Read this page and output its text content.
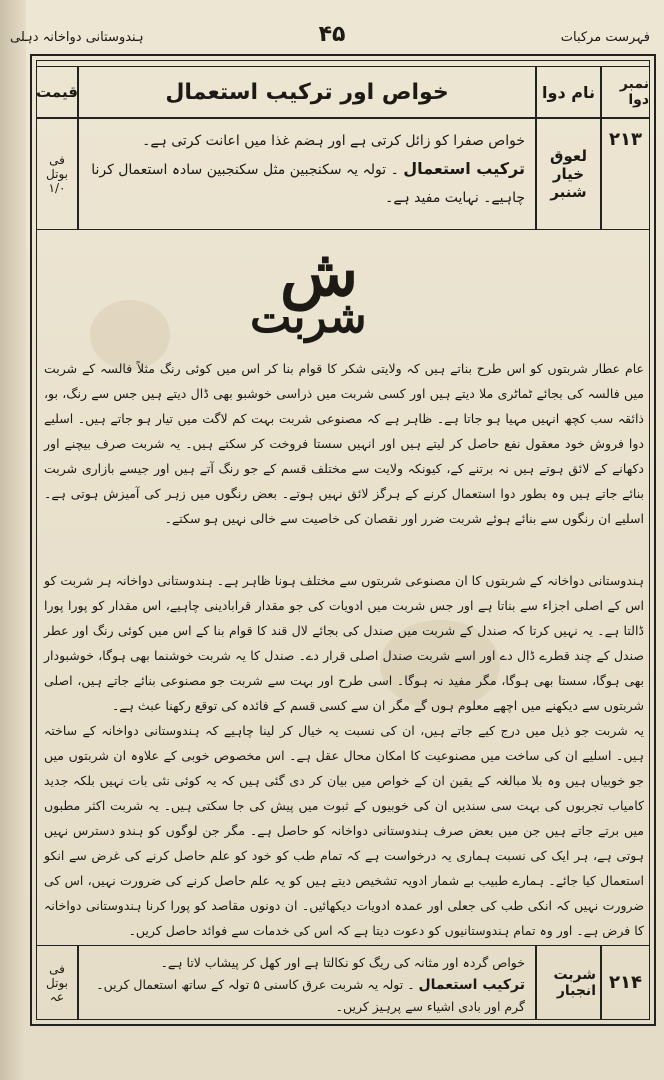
ہندوستانی دواخانہ دہلی	۴۵	فہرست مرکبات
نمبر دوا
نام دوا
خواص اور ترکیب استعمال
قیمت
۲۱۳
لعوق خیار شنبر
خواص صفرا کو زائل کرتی ہے اور ہضم غذا میں اعانت کرتی ہے۔
ترکیب استعمال ۔ تولہ یہ سکنجبین مثل سکنجبین سادہ استعمال کرنا چاہیے۔ نہایت مفید ہے۔
فی بوتل
۱/۰
ش
شربت
عام عطار شربتوں کو اس طرح بناتے ہیں کہ ولایتی شکر کا قوام بنا کر اس میں کوئی رنگ مثلاً فالسہ کے شربت میں فالسہ کی بجائے ٹماٹری ملا دیتے ہیں اور کسی شربت میں ذراسی خوشبو بھی ڈال دیتے ہیں جس سے رنگ، بو، ذائقہ سب کچھ انہیں مہیا ہو جاتا ہے۔ ظاہر ہے کہ مصنوعی شربت بہت کم لاگت میں تیار ہو جاتے ہیں۔ اسلیے دوا فروش خود معقول نفع حاصل کر لیتے ہیں اور انہیں سستا فروخت کر سکتے ہیں۔ یہ شربت صرف بیچنے اور دکھانے کے لائق ہوتے ہیں نہ برتنے کے، کیونکہ ولایت سے مختلف قسم کے جو رنگ آتے ہیں اور جیسے بازاری شربت بنائے جاتے ہیں وہ بطور دوا استعمال کرنے کے ہرگز لائق نہیں ہوتے۔ بعض رنگوں میں زہر کی آمیزش ہوتی ہے۔ اسلیے ان رنگوں سے بنائے ہوئے شربت ضرر اور نقصان کی خاصیت سے خالی نہیں ہو سکتے۔
ہندوستانی دواخانہ کے شربتوں کا ان مصنوعی شربتوں سے مختلف ہونا ظاہر ہے۔ ہندوستانی دواخانہ ہر شربت کو اس کے اصلی اجزاء سے بناتا ہے اور جس شربت میں ادویات کی جو مقدار قرابادینی چاہیے، اس مقدار کو پورا پورا ڈالتا ہے۔ یہ نہیں کرتا کہ صندل کے شربت میں صندل کی بجائے لال قند کا قوام بنا کے اس میں کوئی رنگ اور عطر صندل کے چند قطرے ڈال دے اور اسے شربت صندل اصلی قرار دے۔ صندل کا یہ شربت خوشنما بھی ہوگا، خوشبودار بھی ہوگا، سستا بھی ہوگا، مگر مفید نہ ہوگا۔ اسی طرح اور بہت سے شربت جو مصنوعی بنائے جاتے ہیں، اصلی شربتوں سے دیکھنے میں اچھے معلوم ہوں گے مگر ان سے کسی قسم کے فائدہ کی توقع رکھنا عبث ہے۔
یہ شربت جو ذیل میں درج کیے جاتے ہیں، ان کی نسبت یہ خیال کر لینا چاہیے کہ ہندوستانی دواخانہ کے ساختہ ہیں۔ اسلیے ان کی ساخت میں مصنوعیت کا امکان محال عقل ہے۔ اس مخصوص خوبی کے علاوہ ان شربتوں میں جو خوبیاں ہیں وہ بلا مبالغہ کے یقین ان کے خواص میں بیان کر دی گئی ہیں کہ یہ کوئی نئی بات نہیں بلکہ جدید کامیاب تجربوں کی بہت سی سندیں ان کی خوبیوں کے ثبوت میں پیش کی جا سکتی ہیں۔ یہ شربت اکثر مطبوں میں برتے جاتے ہیں جن میں بعض صرف ہندوستانی دواخانہ کو حاصل ہے۔ مگر جن لوگوں کو ہندو دسترس نہیں ہوتی ہے، ہر ایک کی نسبت ہماری یہ درخواست ہے کہ تمام طب کو خود کو علم حاصل کرنے کی غرض سے انکو استعمال کیا جائے۔ ہمارے طبیب بے شمار ادویہ تشخیص دیتے ہیں کو یہ علم حاصل کرنے کی ضرورت نہیں، اس کی ضرورت نہیں کہ انکی طب کی جعلی اور عمدہ ادویات دیکھائیں۔ ان دونوں مقاصد کو پورا کرنا ہندوستانی دواخانہ کا فرض ہے۔ اور وہ تمام ہندوستانیوں کو دعوت دیتا ہے کہ اس کی خدمات سے فوائد حاصل کریں۔
۲۱۴
شربت انجبار
خواص گردہ اور مثانہ کی ریگ کو نکالتا ہے اور کھل کر پیشاب لاتا ہے۔
ترکیب استعمال ۔ تولہ یہ شربت عرق کاسنی ۵ تولہ کے ساتھ استعمال کریں۔ گرم اور بادی اشیاء سے پرہیز کریں۔
فی بوتل
عہ
